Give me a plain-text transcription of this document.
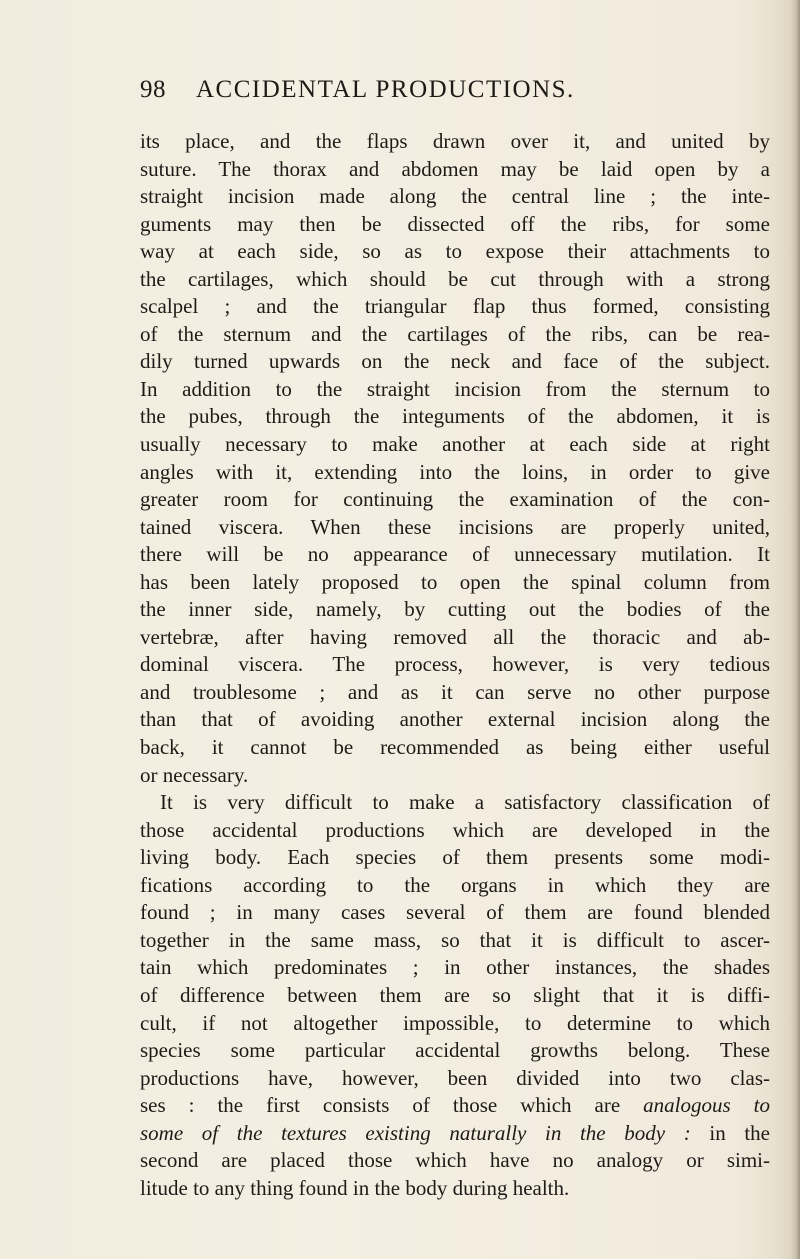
98 ACCIDENTAL PRODUCTIONS.
its place, and the flaps drawn over it, and united by
suture. The thorax and abdomen may be laid open by a
straight incision made along the central line ; the inte-
guments may then be dissected off the ribs, for some
way at each side, so as to expose their attachments to
the cartilages, which should be cut through with a strong
scalpel ; and the triangular flap thus formed, consisting
of the sternum and the cartilages of the ribs, can be rea-
dily turned upwards on the neck and face of the subject.
In addition to the straight incision from the sternum to
the pubes, through the integuments of the abdomen, it is
usually necessary to make another at each side at right
angles with it, extending into the loins, in order to give
greater room for continuing the examination of the con-
tained viscera. When these incisions are properly united,
there will be no appearance of unnecessary mutilation. It
has been lately proposed to open the spinal column from
the inner side, namely, by cutting out the bodies of the
vertebræ, after having removed all the thoracic and ab-
dominal viscera. The process, however, is very tedious
and troublesome ; and as it can serve no other purpose
than that of avoiding another external incision along the
back, it cannot be recommended as being either useful
or necessary.
It is very difficult to make a satisfactory classification of
those accidental productions which are developed in the
living body. Each species of them presents some modi-
fications according to the organs in which they are
found ; in many cases several of them are found blended
together in the same mass, so that it is difficult to ascer-
tain which predominates ; in other instances, the shades
of difference between them are so slight that it is diffi-
cult, if not altogether impossible, to determine to which
species some particular accidental growths belong. These
productions have, however, been divided into two clas-
ses : the first consists of those which are analogous to
some of the textures existing naturally in the body : in the
second are placed those which have no analogy or simi-
litude to any thing found in the body during health.
